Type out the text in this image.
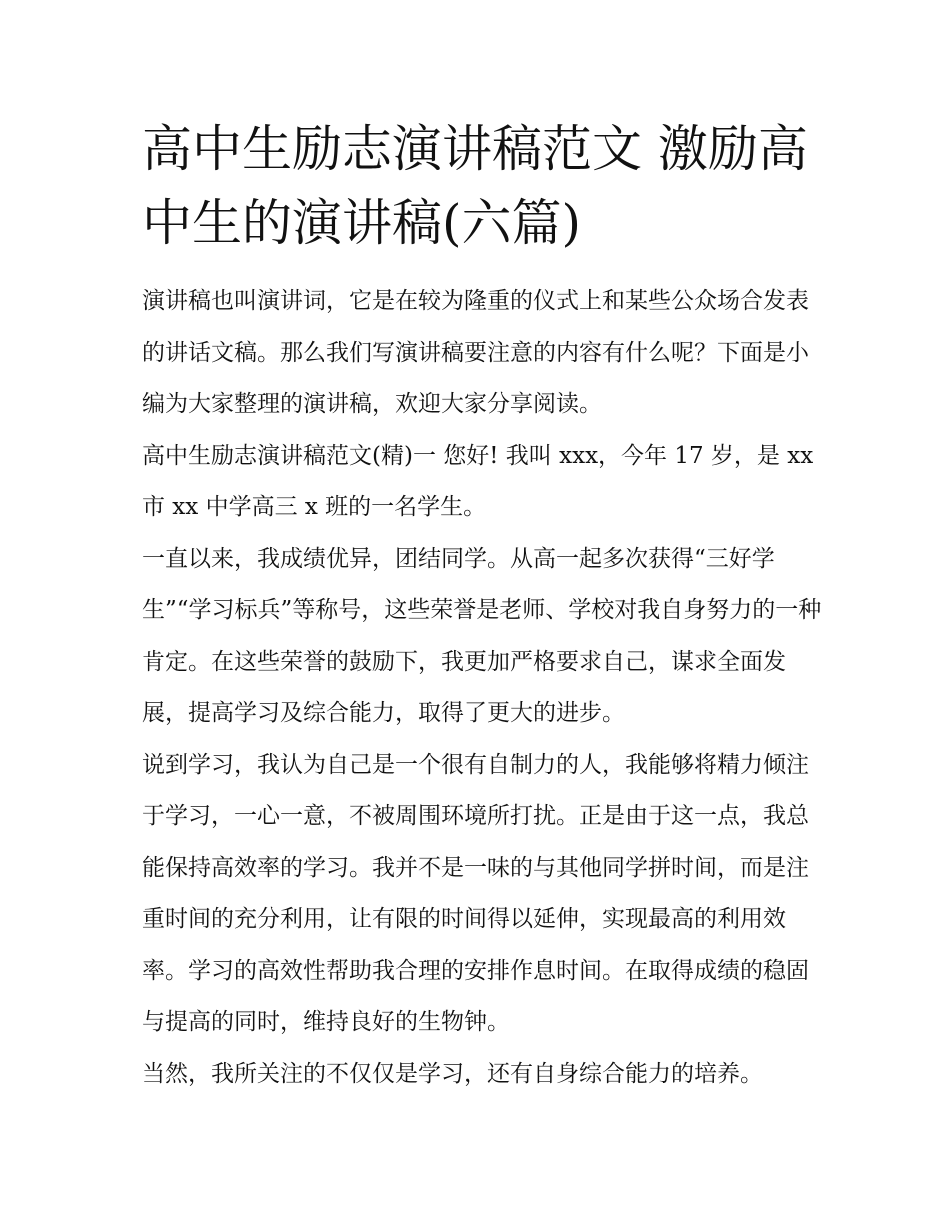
高中生励志演讲稿范文 激励高中生的演讲稿(六篇)

演讲稿也叫演讲词，它是在较为隆重的仪式上和某些公众场合发表的讲话文稿。那么我们写演讲稿要注意的内容有什么呢？下面是小编为大家整理的演讲稿，欢迎大家分享阅读。

高中生励志演讲稿范文(精)一 您好! 我叫 xxx，今年 17 岁，是 xx 市 xx 中学高三 x 班的一名学生。

一直以来，我成绩优异，团结同学。从高一起多次获得“三好学生”“学习标兵”等称号，这些荣誉是老师、学校对我自身努力的一种肯定。在这些荣誉的鼓励下，我更加严格要求自己，谋求全面发展，提高学习及综合能力，取得了更大的进步。

说到学习，我认为自己是一个很有自制力的人，我能够将精力倾注于学习，一心一意，不被周围环境所打扰。正是由于这一点，我总能保持高效率的学习。我并不是一味的与其他同学拼时间，而是注重时间的充分利用，让有限的时间得以延伸，实现最高的利用效率。学习的高效性帮助我合理的安排作息时间。在取得成绩的稳固与提高的同时，维持良好的生物钟。

当然，我所关注的不仅仅是学习，还有自身综合能力的培养。
